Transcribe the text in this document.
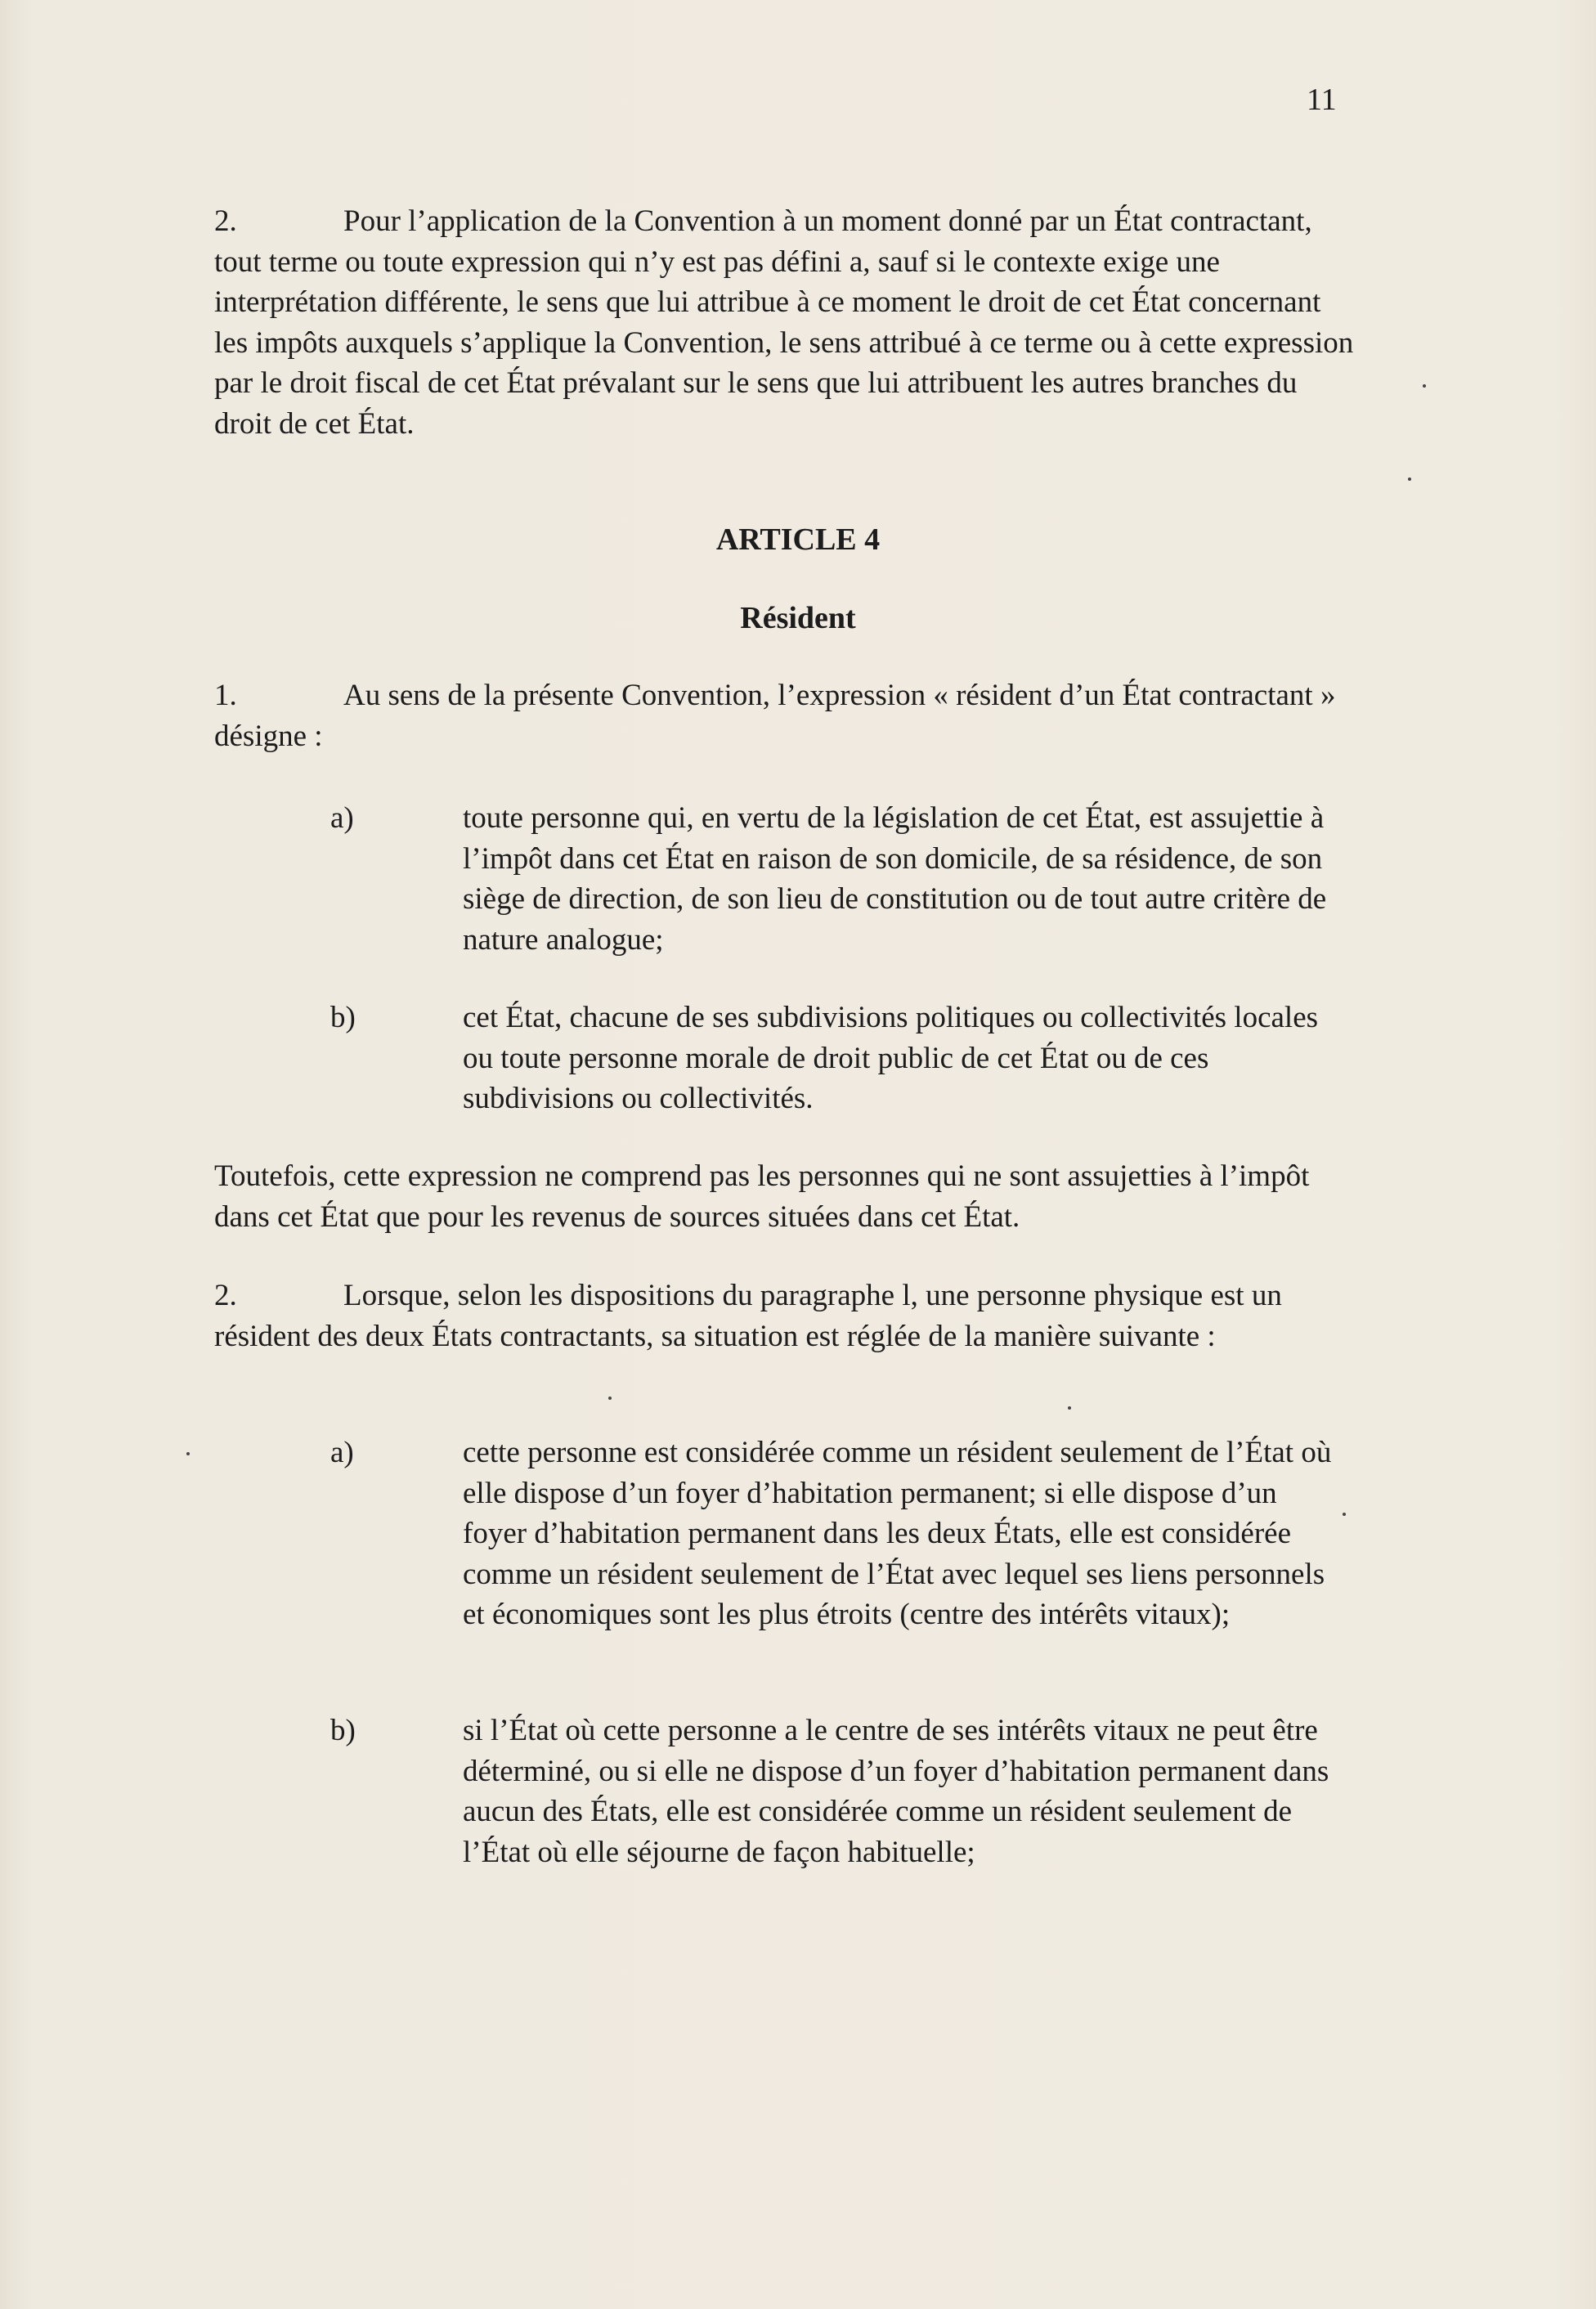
11
2.	Pour l’application de la Convention à un moment donné par un État contractant, tout terme ou toute expression qui n’y est pas défini a, sauf si le contexte exige une interprétation différente, le sens que lui attribue à ce moment le droit de cet État concernant les impôts auxquels s’applique la Convention, le sens attribué à ce terme ou à cette expression par le droit fiscal de cet État prévalant sur le sens que lui attribuent les autres branches du droit de cet État.
ARTICLE 4
Résident
1.	Au sens de la présente Convention, l’expression « résident d’un État contractant » désigne :
a)	toute personne qui, en vertu de la législation de cet État, est assujettie à l’impôt dans cet État en raison de son domicile, de sa résidence, de son siège de direction, de son lieu de constitution ou de tout autre critère de nature analogue;
b)	cet État, chacune de ses subdivisions politiques ou collectivités locales ou toute personne morale de droit public de cet État ou de ces subdivisions ou collectivités.
Toutefois, cette expression ne comprend pas les personnes qui ne sont assujetties à l’impôt dans cet État que pour les revenus de sources situées dans cet État.
2.	Lorsque, selon les dispositions du paragraphe l, une personne physique est un résident des deux États contractants, sa situation est réglée de la manière suivante :
a)	cette personne est considérée comme un résident seulement de l’État où elle dispose d’un foyer d’habitation permanent; si elle dispose d’un foyer d’habitation permanent dans les deux États, elle est considérée comme un résident seulement de l’État avec lequel ses liens personnels et économiques sont les plus étroits (centre des intérêts vitaux);
b)	si l’État où cette personne a le centre de ses intérêts vitaux ne peut être déterminé, ou si elle ne dispose d’un foyer d’habitation permanent dans aucun des États, elle est considérée comme un résident seulement de l’État où elle séjourne de façon habituelle;
